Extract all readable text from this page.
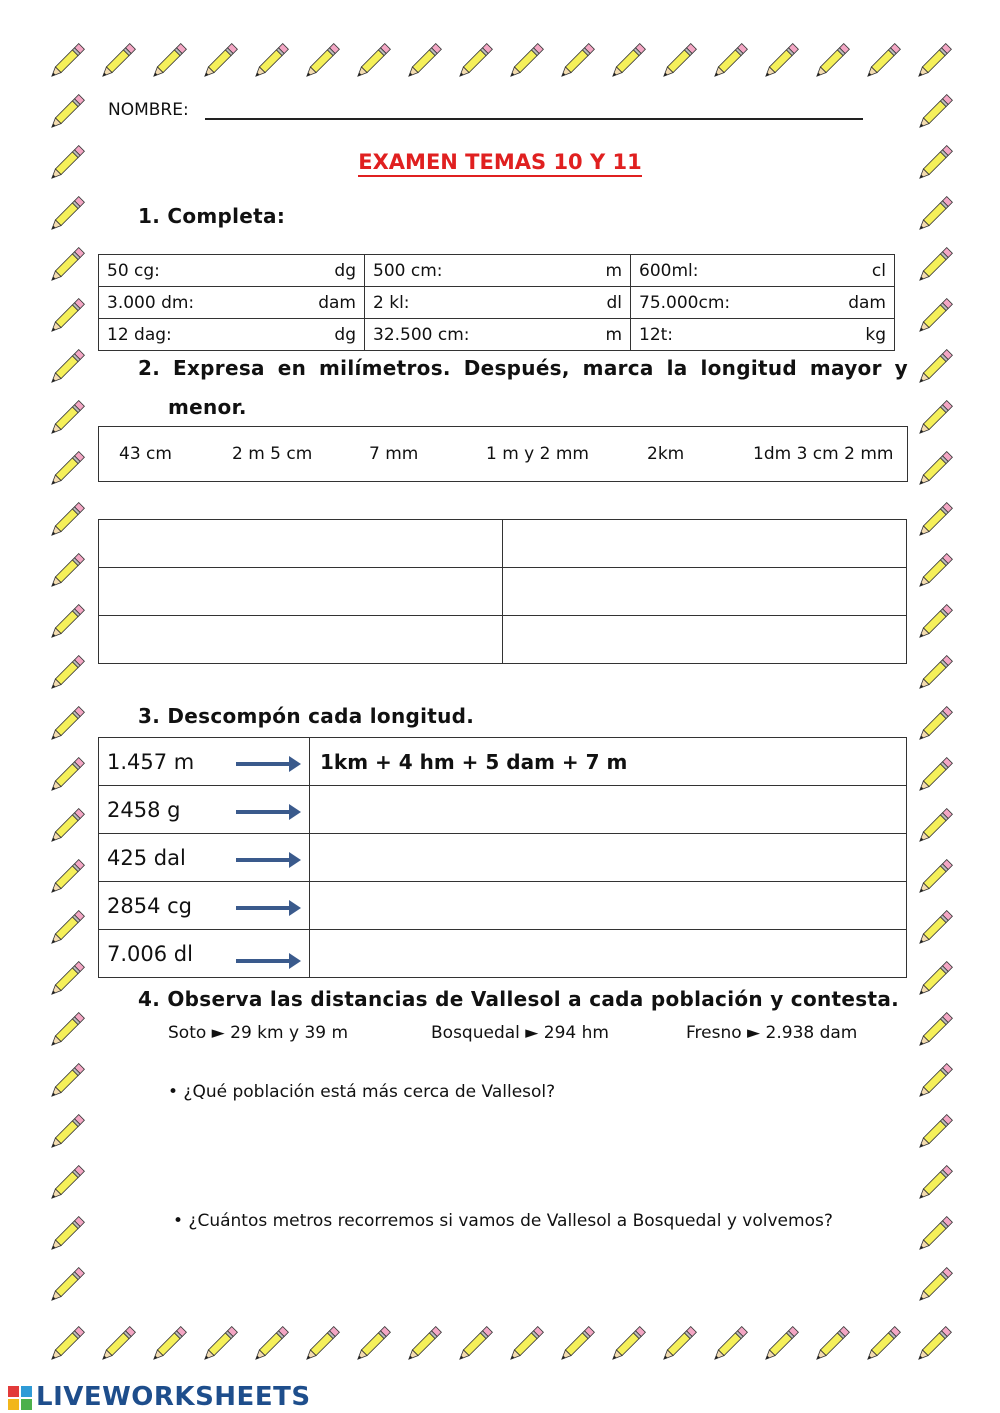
NOMBRE:
EXAMEN TEMAS 10 Y 11
1. Completa:
50 cg: dg	500 cm: m	600ml: cl

3.000 dm: dam	2 kl: dl	75.000cm: dam

12 dag: dg	32.500 cm: m	12t: kg
2. Expresa en milímetros. Después, marca la longitud mayor y
menor.
43 cm	2 m 5 cm	7 mm	1 m y 2 mm	2km	1dm 3 cm 2 mm

3. Descompón cada longitud.
1.457 m	1km + 4 hm + 5 dam + 7 m
2458 g

425 dal

2854 cg

7.006 dl

4. Observa las distancias de Vallesol a cada población y contesta.
Soto ► 29 km y 39 m	Bosquedal ► 294 hm	Fresno ► 2.938 dam
• ¿Qué población está más cerca de Vallesol?
• ¿Cuántos metros recorremos si vamos de Vallesol a Bosquedal y volvemos?
LIVEWORKSHEETS
